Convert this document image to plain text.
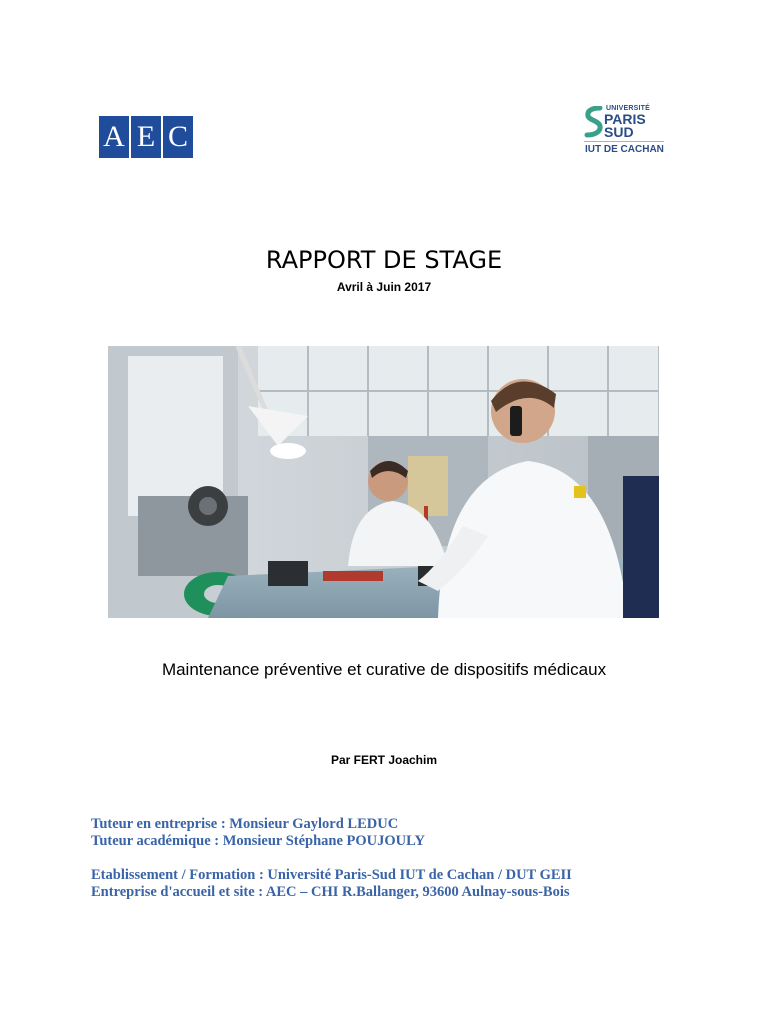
A E C
UNIVERSITÉ
PARIS
SUD
IUT DE CACHAN
RAPPORT DE STAGE
Avril à Juin 2017
Maintenance préventive et curative de dispositifs médicaux
Par FERT Joachim
Tuteur en entreprise : Monsieur Gaylord LEDUC
Tuteur académique : Monsieur Stéphane POUJOULY
Etablissement / Formation : Université Paris-Sud IUT de Cachan / DUT GEII
Entreprise d'accueil et site : AEC – CHI R.Ballanger, 93600 Aulnay-sous-Bois
